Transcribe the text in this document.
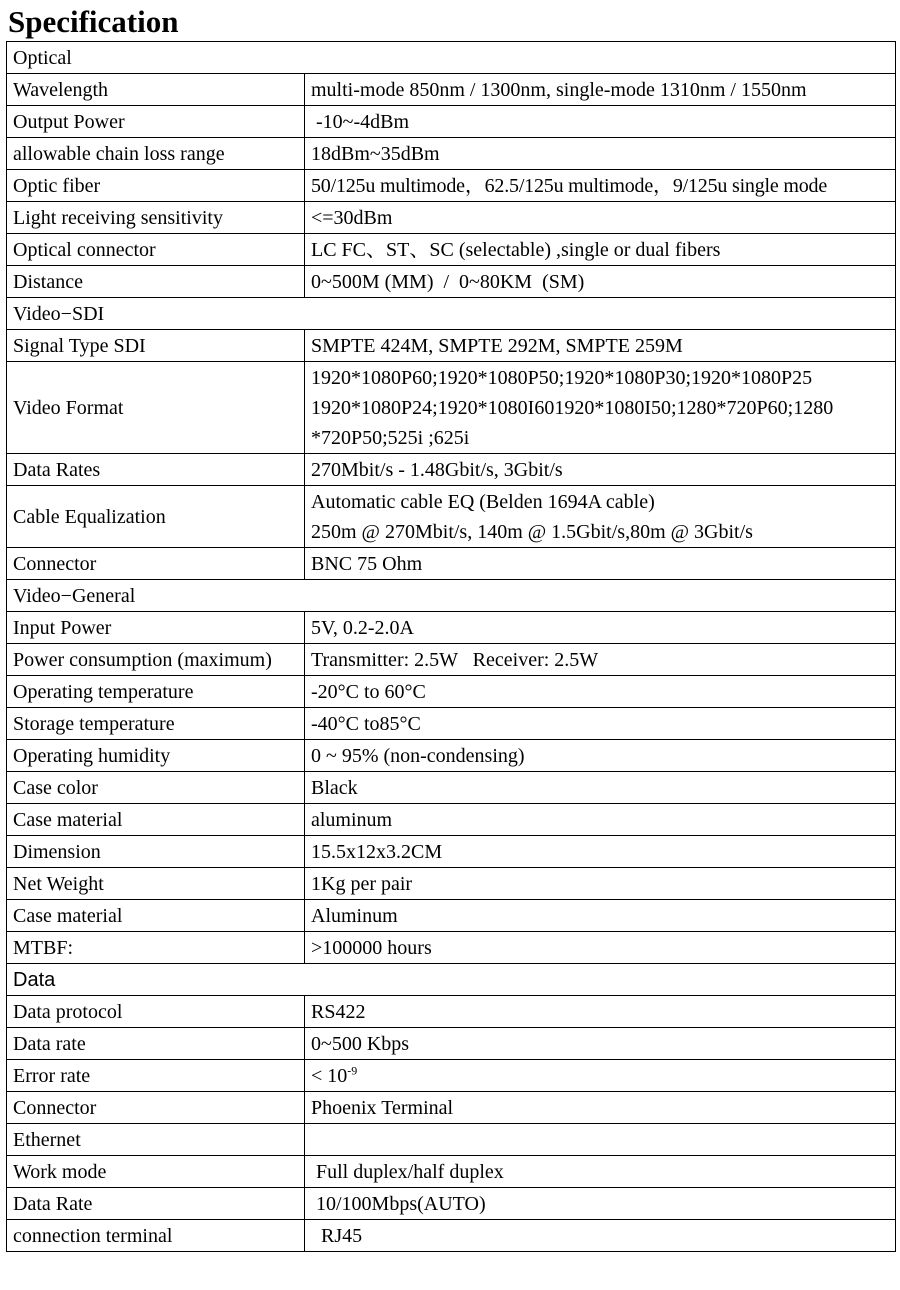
Specification
Optical	
Wavelength	multi-mode 850nm / 1300nm, single-mode 1310nm / 1550nm
Output Power	-10~-4dBm
allowable chain loss range	18dBm~35dBm
Optic fiber	50/125u multimode，62.5/125u multimode，9/125u single mode
Light receiving sensitivity	<=30dBm
Optical connector	LC FC、ST、SC (selectable) ,single or dual fibers
Distance	0~500M (MM)  /  0~80KM  (SM)
Video−SDI	
Signal Type SDI	SMPTE 424M, SMPTE 292M, SMPTE 259M
Video Format	1920*1080P60;1920*1080P50;1920*1080P30;1920*1080P25
1920*1080P24;1920*1080I601920*1080I50;1280*720P60;1280
*720P50;525i ;625i

Data Rates	270Mbit/s - 1.48Gbit/s, 3Gbit/s
Cable Equalization	Automatic cable EQ (Belden 1694A cable)
250m @ 270Mbit/s, 140m @ 1.5Gbit/s,80m @ 3Gbit/s

Connector	BNC 75 Ohm
Video−General	
Input Power	5V, 0.2-2.0A
Power consumption (maximum)	Transmitter: 2.5W   Receiver: 2.5W
Operating temperature	-20°C to 60°C
Storage temperature	-40°C to85°C
Operating humidity	0 ~ 95% (non-condensing)
Case color	Black
Case material	aluminum
Dimension	15.5x12x3.2CM
Net Weight	1Kg per pair
Case material	Aluminum
MTBF:	>100000 hours
Data	
Data protocol	RS422
Data rate	0~500 Kbps
Error rate	< $10^{-9}$
Connector	Phoenix Terminal
Ethernet	
Work mode	Full duplex/half duplex
Data Rate	10/100Mbps(AUTO)
connection terminal	RJ45
